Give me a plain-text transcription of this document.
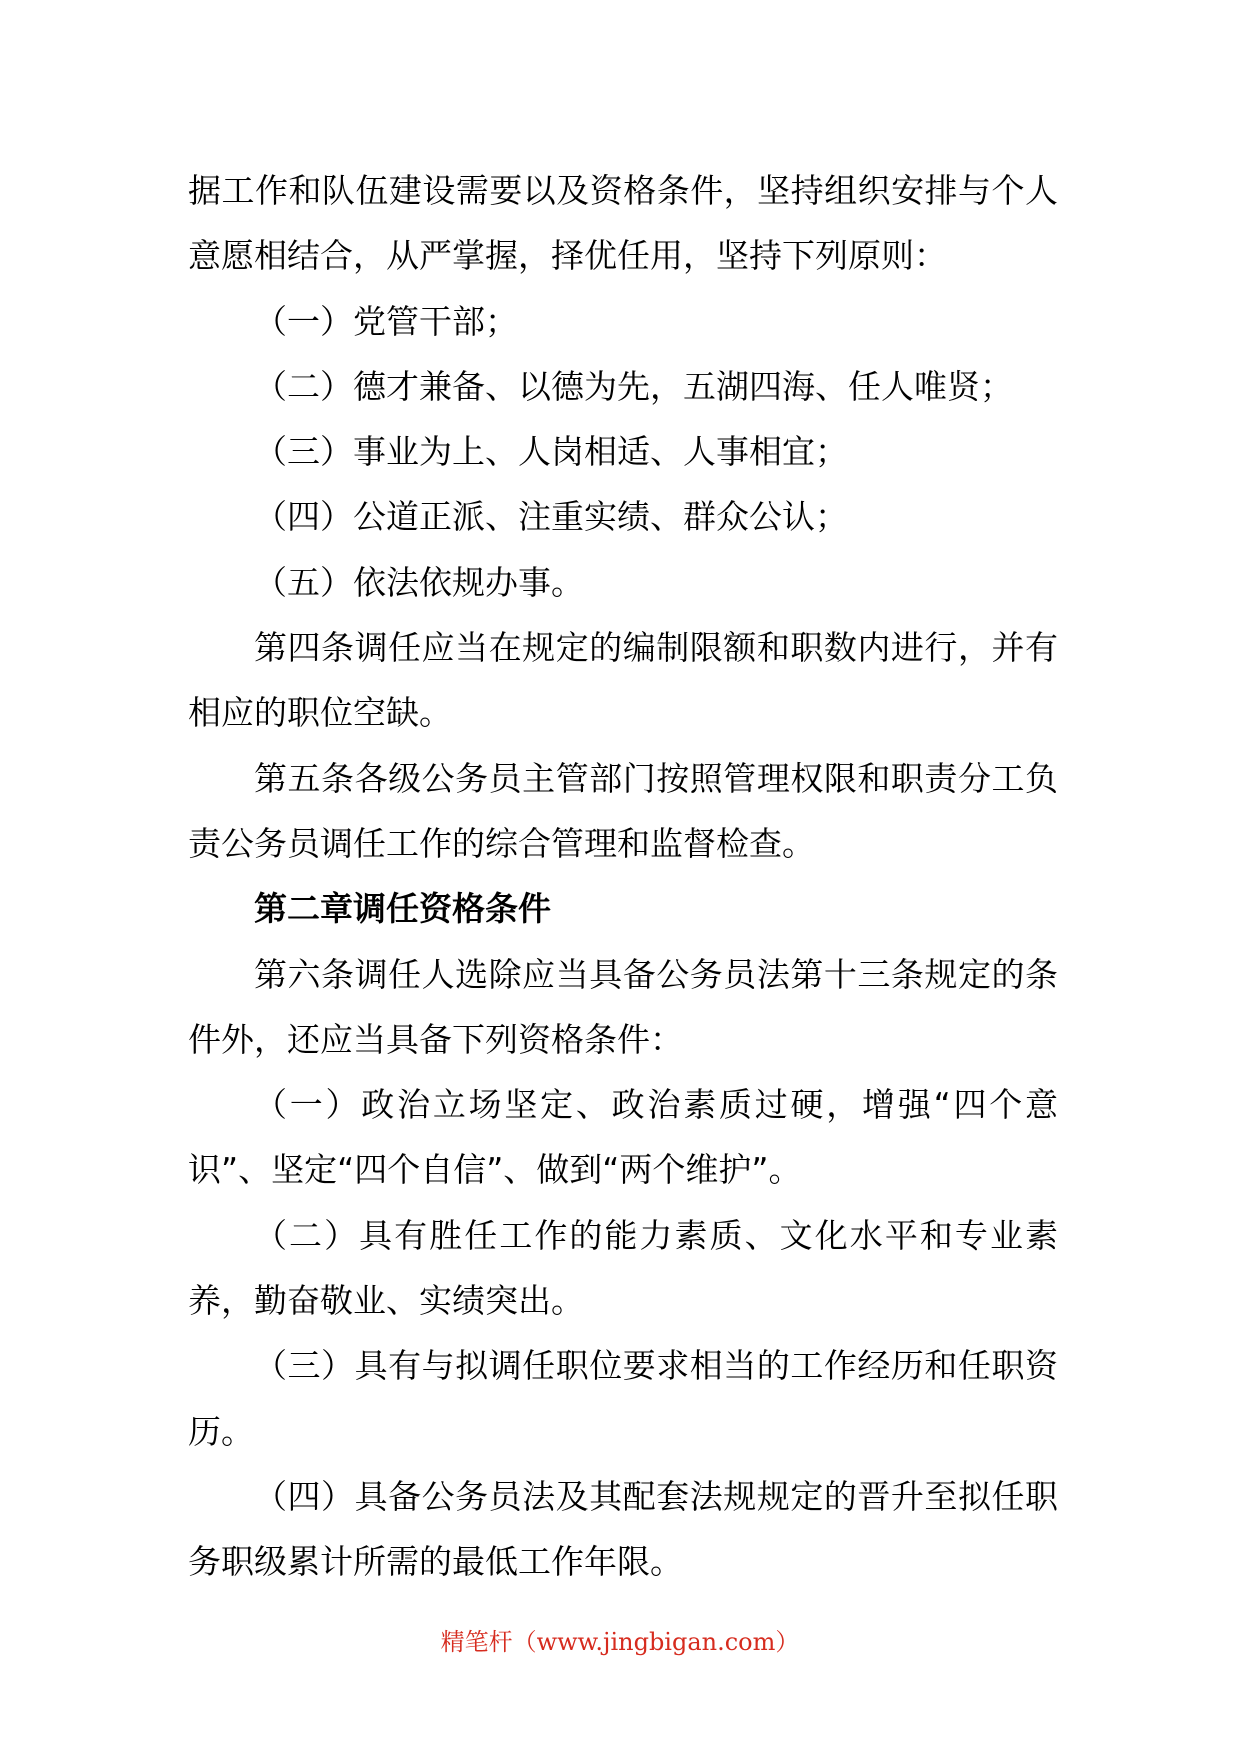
据工作和队伍建设需要以及资格条件，坚持组织安排与个人意愿相结合，从严掌握，择优任用，坚持下列原则：

（一）党管干部；

（二）德才兼备、以德为先，五湖四海、任人唯贤；

（三）事业为上、人岗相适、人事相宜；

（四）公道正派、注重实绩、群众公认；

（五）依法依规办事。

第四条调任应当在规定的编制限额和职数内进行，并有相应的职位空缺。

第五条各级公务员主管部门按照管理权限和职责分工负责公务员调任工作的综合管理和监督检查。

第二章调任资格条件

第六条调任人选除应当具备公务员法第十三条规定的条件外，还应当具备下列资格条件：

（一）政治立场坚定、政治素质过硬，增强“四个意识”、坚定“四个自信”、做到“两个维护”。

（二）具有胜任工作的能力素质、文化水平和专业素养，勤奋敬业、实绩突出。

（三）具有与拟调任职位要求相当的工作经历和任职资历。

（四）具备公务员法及其配套法规规定的晋升至拟任职务职级累计所需的最低工作年限。

精笔杆（www.jingbigan.com）
